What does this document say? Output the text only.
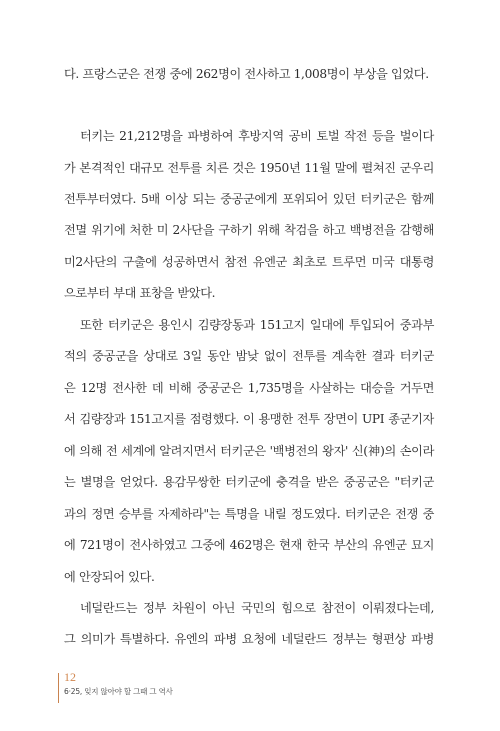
다. 프랑스군은 전쟁 중에 262명이 전사하고 1,008명이 부상을 입었다.
터키는 21,212명을 파병하여 후방지역 공비 토벌 작전 등을 벌이다
가 본격적인 대규모 전투를 치른 것은 1950년 11월 말에 펼쳐진 군우리
전투부터였다. 5배 이상 되는 중공군에게 포위되어 있던 터키군은 함께
전멸 위기에 처한 미 2사단을 구하기 위해 착검을 하고 백병전을 감행해
미2사단의 구출에 성공하면서 참전 유엔군 최초로 트루먼 미국 대통령
으로부터 부대 표창을 받았다.
또한 터키군은 용인시 김량장동과 151고지 일대에 투입되어 중과부
적의 중공군을 상대로 3일 동안 밤낮 없이 전투를 계속한 결과 터키군
은 12명 전사한 데 비해 중공군은 1,735명을 사살하는 대승을 거두면
서 김량장과 151고지를 점령했다. 이 용맹한 전투 장면이 UPI 종군기자
에 의해 전 세계에 알려지면서 터키군은 '백병전의 왕자' 신(神)의 손이라
는 별명을 얻었다. 용감무쌍한 터키군에 충격을 받은 중공군은 "터키군
과의 정면 승부를 자제하라"는 특명을 내릴 정도였다. 터키군은 전쟁 중
에 721명이 전사하였고 그중에 462명은 현재 한국 부산의 유엔군 묘지
에 안장되어 있다.
네덜란드는 정부 차원이 아닌 국민의 힘으로 참전이 이뤄졌다는데,
그 의미가 특별하다. 유엔의 파병 요청에 네덜란드 정부는 형편상 파병
12
6·25, 잊지 않아야 할 그때 그 역사
